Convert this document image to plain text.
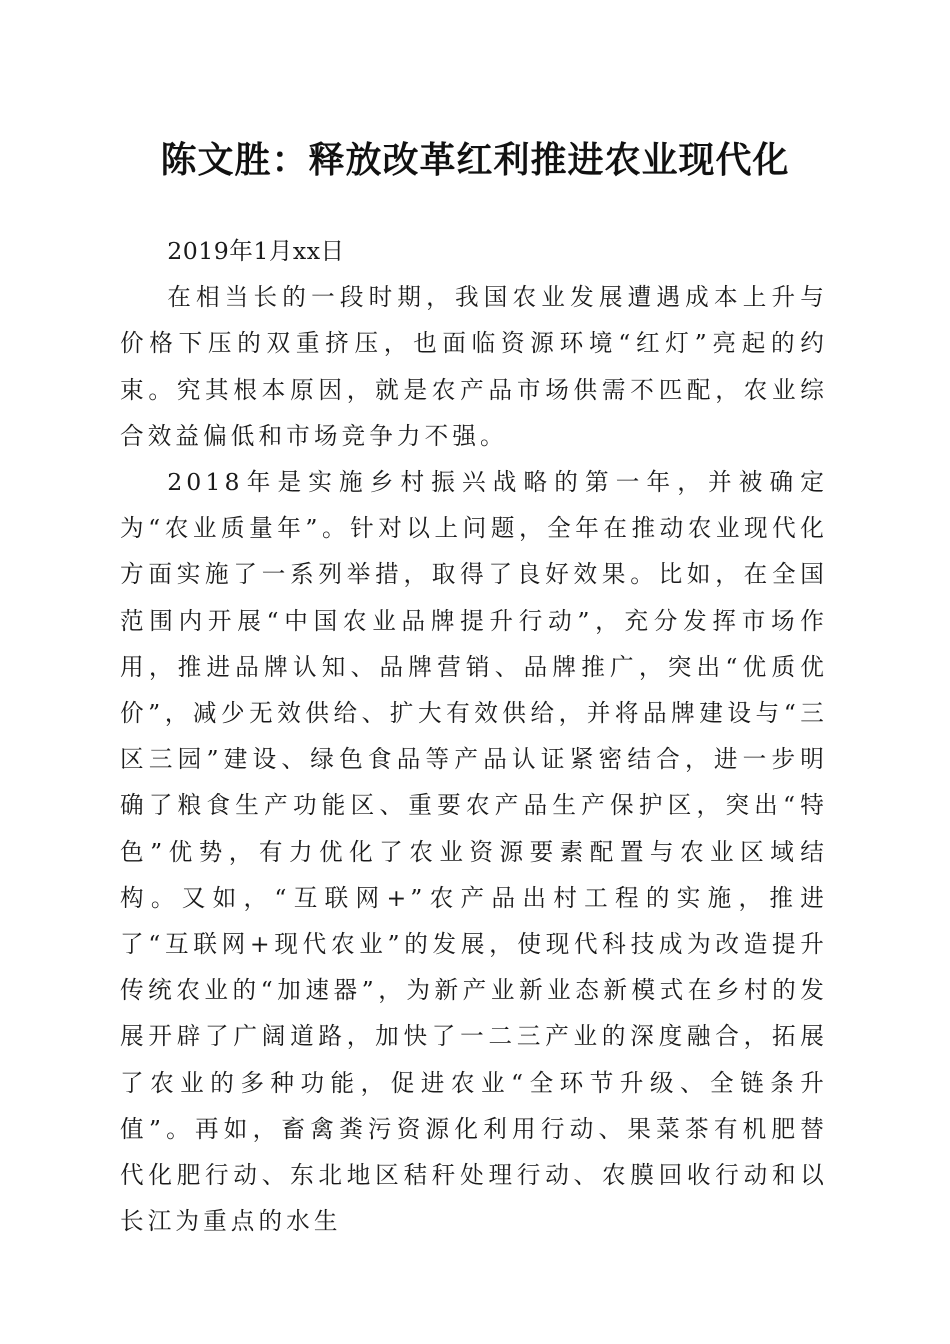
陈文胜：释放改革红利推进农业现代化

2019年1月xx日

在相当长的一段时期，我国农业发展遭遇成本上升与价格下压的双重挤压，也面临资源环境“红灯”亮起的约束。究其根本原因，就是农产品市场供需不匹配，农业综合效益偏低和市场竞争力不强。

2018年是实施乡村振兴战略的第一年，并被确定为“农业质量年”。针对以上问题，全年在推动农业现代化方面实施了一系列举措，取得了良好效果。比如，在全国范围内开展“中国农业品牌提升行动”，充分发挥市场作用，推进品牌认知、品牌营销、品牌推广，突出“优质优价”，减少无效供给、扩大有效供给，并将品牌建设与“三区三园”建设、绿色食品等产品认证紧密结合，进一步明确了粮食生产功能区、重要农产品生产保护区，突出“特色”优势，有力优化了农业资源要素配置与农业区域结构。又如，“互联网+”农产品出村工程的实施，推进了“互联网+现代农业”的发展，使现代科技成为改造提升传统农业的“加速器”，为新产业新业态新模式在乡村的发展开辟了广阔道路，加快了一二三产业的深度融合，拓展了农业的多种功能，促进农业“全环节升级、全链条升值”。再如，畜禽粪污资源化利用行动、果菜茶有机肥替代化肥行动、东北地区秸秆处理行动、农膜回收行动和以长江为重点的水生
